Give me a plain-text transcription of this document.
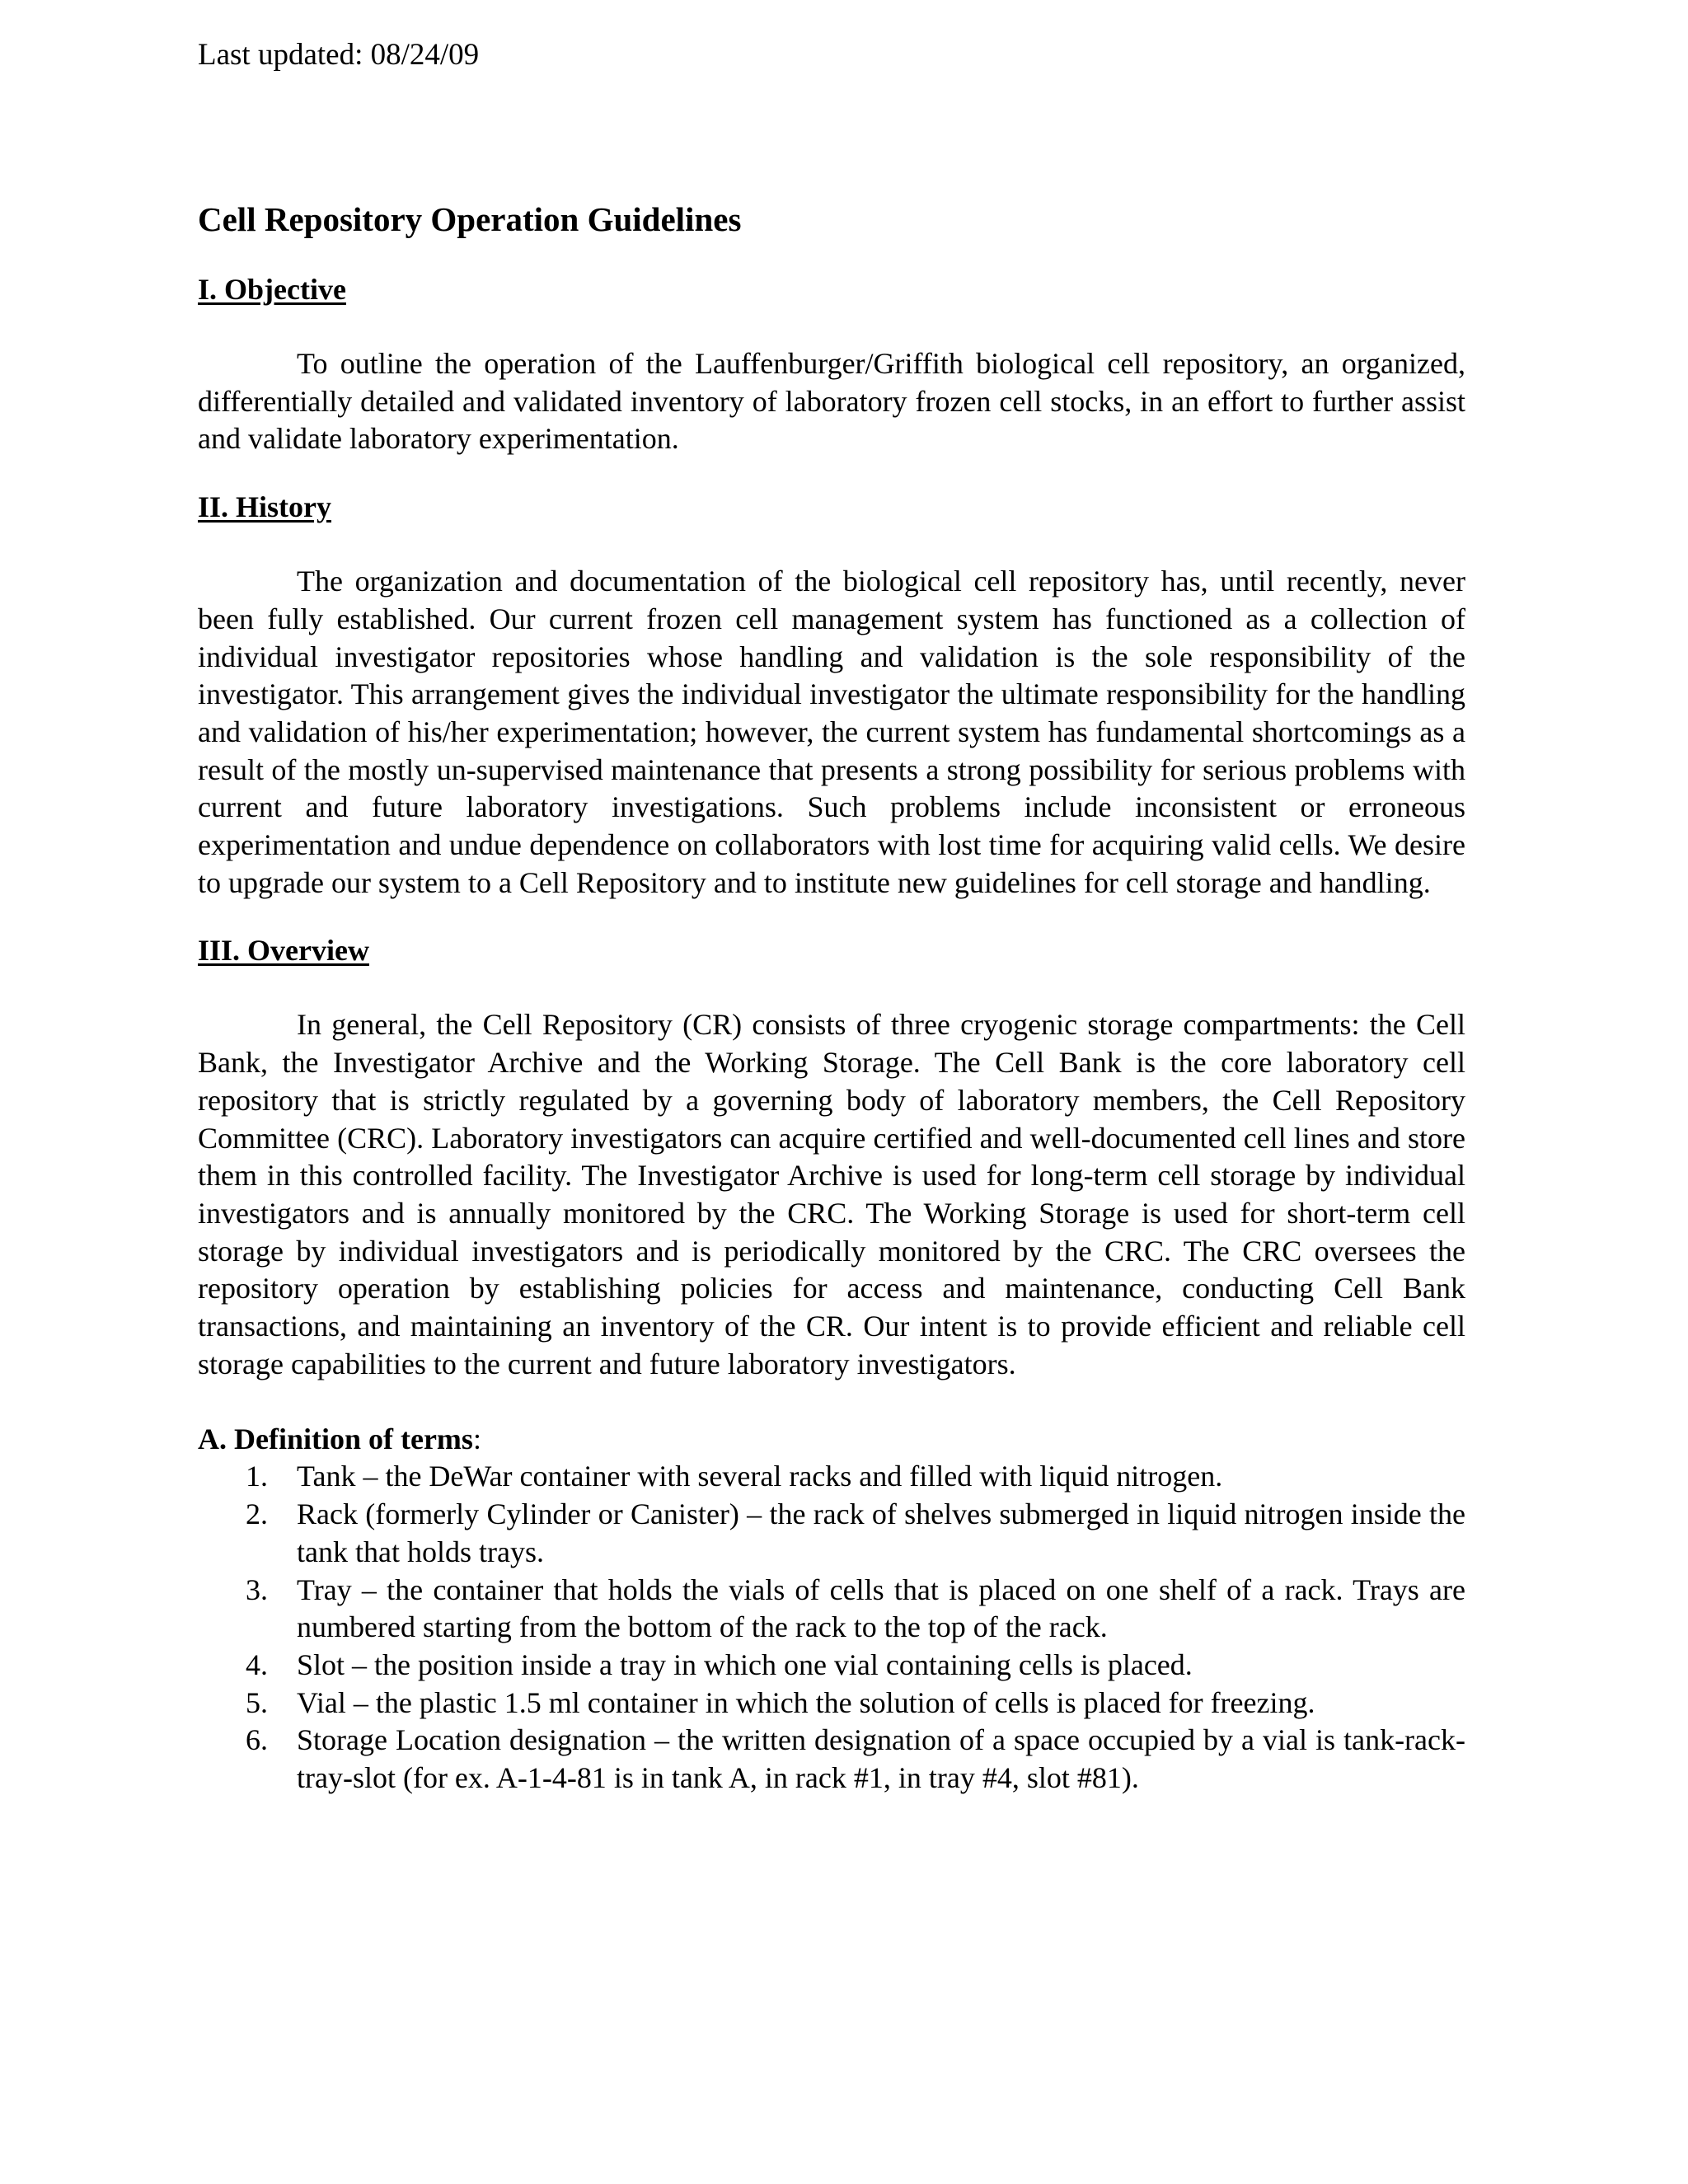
Last updated: 08/24/09
Cell Repository Operation Guidelines
I. Objective

To outline the operation of the Lauffenburger/Griffith biological cell repository, an organized, differentially detailed and validated inventory of laboratory frozen cell stocks, in an effort to further assist and validate laboratory experimentation.

II. History

The organization and documentation of the biological cell repository has, until recently, never been fully established. Our current frozen cell management system has functioned as a collection of individual investigator repositories whose handling and validation is the sole responsibility of the investigator. This arrangement gives the individual investigator the ultimate responsibility for the handling and validation of his/her experimentation; however, the current system has fundamental shortcomings as a result of the mostly un-supervised maintenance that presents a strong possibility for serious problems with current and future laboratory investigations. Such problems include inconsistent or erroneous experimentation and undue dependence on collaborators with lost time for acquiring valid cells. We desire to upgrade our system to a Cell Repository and to institute new guidelines for cell storage and handling.

III. Overview

In general, the Cell Repository (CR) consists of three cryogenic storage compartments: the Cell Bank, the Investigator Archive and the Working Storage. The Cell Bank is the core laboratory cell repository that is strictly regulated by a governing body of laboratory members, the Cell Repository Committee (CRC). Laboratory investigators can acquire certified and well-documented cell lines and store them in this controlled facility. The Investigator Archive is used for long-term cell storage by individual investigators and is annually monitored by the CRC. The Working Storage is used for short-term cell storage by individual investigators and is periodically monitored by the CRC. The CRC oversees the repository operation by establishing policies for access and maintenance, conducting Cell Bank transactions, and maintaining an inventory of the CR. Our intent is to provide efficient and reliable cell storage capabilities to the current and future laboratory investigators.

A. Definition of terms:
1. Tank – the DeWar container with several racks and filled with liquid nitrogen.
2. Rack (formerly Cylinder or Canister) – the rack of shelves submerged in liquid nitrogen inside the tank that holds trays.
3. Tray – the container that holds the vials of cells that is placed on one shelf of a rack. Trays are numbered starting from the bottom of the rack to the top of the rack.
4. Slot – the position inside a tray in which one vial containing cells is placed.
5. Vial – the plastic 1.5 ml container in which the solution of cells is placed for freezing.
6. Storage Location designation – the written designation of a space occupied by a vial is tank-rack-tray-slot (for ex. A-1-4-81 is in tank A, in rack #1, in tray #4, slot #81).
